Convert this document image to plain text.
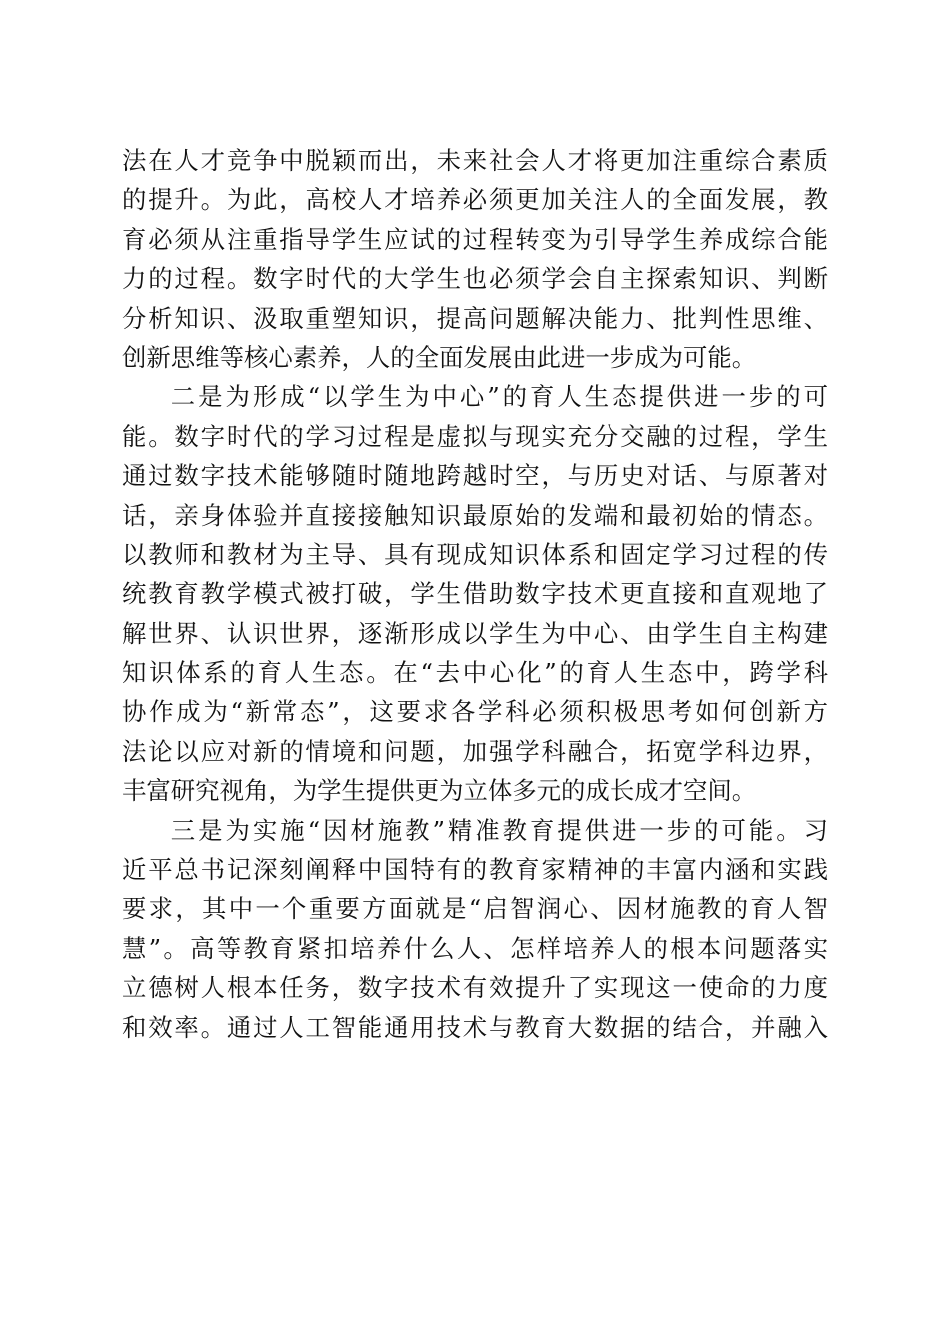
法在人才竞争中脱颖而出，未来社会人才将更加注重综合素质
的提升。为此，高校人才培养必须更加关注人的全面发展，教
育必须从注重指导学生应试的过程转变为引导学生养成综合能
力的过程。数字时代的大学生也必须学会自主探索知识、判断
分析知识、汲取重塑知识，提高问题解决能力、批判性思维、
创新思维等核心素养，人的全面发展由此进一步成为可能。
二是为形成“以学生为中心”的育人生态提供进一步的可
能。数字时代的学习过程是虚拟与现实充分交融的过程，学生
通过数字技术能够随时随地跨越时空，与历史对话、与原著对
话，亲身体验并直接接触知识最原始的发端和最初始的情态。
以教师和教材为主导、具有现成知识体系和固定学习过程的传
统教育教学模式被打破，学生借助数字技术更直接和直观地了
解世界、认识世界，逐渐形成以学生为中心、由学生自主构建
知识体系的育人生态。在“去中心化”的育人生态中，跨学科
协作成为“新常态”，这要求各学科必须积极思考如何创新方
法论以应对新的情境和问题，加强学科融合，拓宽学科边界，
丰富研究视角，为学生提供更为立体多元的成长成才空间。
三是为实施“因材施教”精准教育提供进一步的可能。习
近平总书记深刻阐释中国特有的教育家精神的丰富内涵和实践
要求，其中一个重要方面就是“启智润心、因材施教的育人智
慧”。高等教育紧扣培养什么人、怎样培养人的根本问题落实
立德树人根本任务，数字技术有效提升了实现这一使命的力度
和效率。通过人工智能通用技术与教育大数据的结合，并融入
